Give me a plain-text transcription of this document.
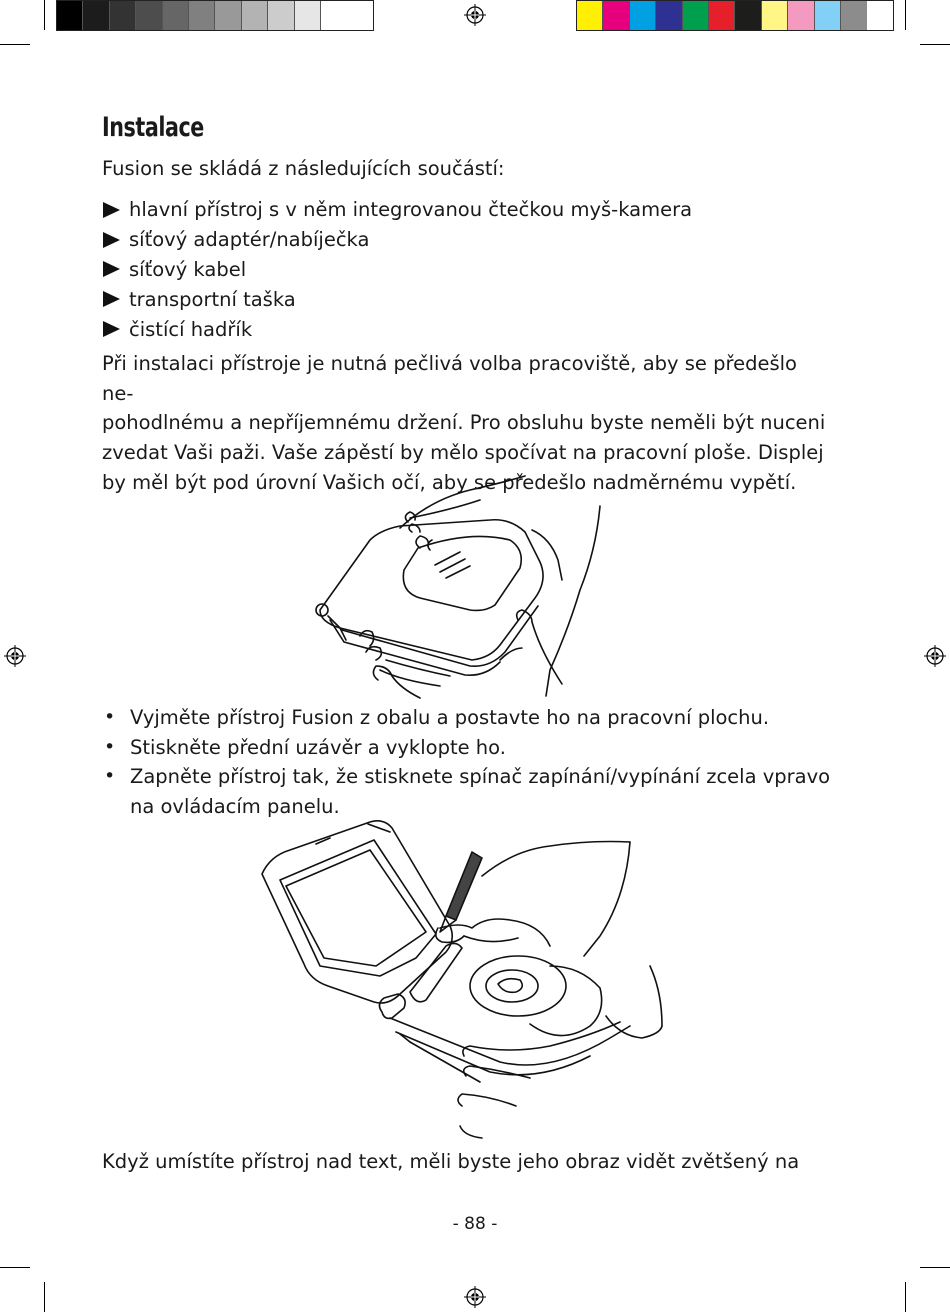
Instalace
Fusion se skládá z následujících součástí:
hlavní přístroj s v něm integrovanou čtečkou myš-kamera
síťový adaptér/nabíječka
síťový kabel
transportní taška
čistící hadřík
Při instalaci přístroje je nutná pečlivá volba pracoviště, aby se předešlo ne-
pohodlnému a nepříjemnému držení. Pro obsluhu byste neměli být nuceni
zvedat Vaši paži. Vaše zápěstí by mělo spočívat na pracovní ploše. Displej
by měl být pod úrovní Vašich očí, aby se předešlo nadměrnému vypětí.
• Vyjměte přístroj Fusion z obalu a postavte ho na pracovní plochu.
• Stiskněte přední uzávěr a vyklopte ho.
• Zapněte přístroj tak, že stisknete spínač zapínání/vypínání zcela vpravo
na ovládacím panelu.
Když umístíte přístroj nad text, měli byste jeho obraz vidět zvětšený na
- 88 -
